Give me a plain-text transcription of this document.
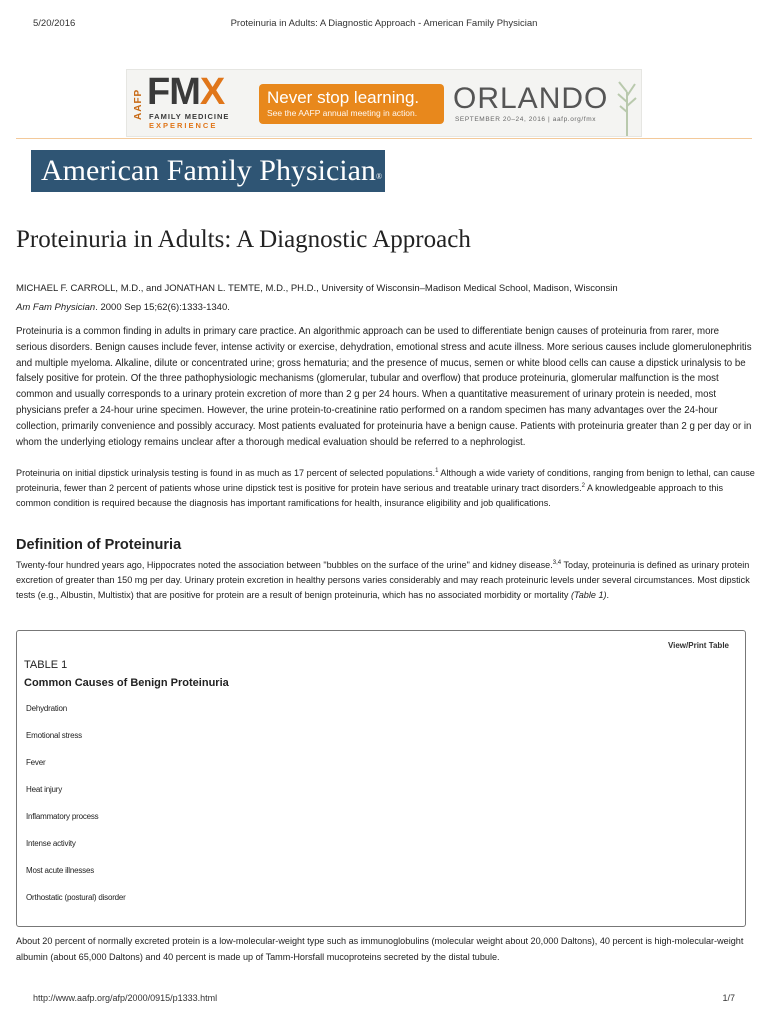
5/20/2016	Proteinuria in Adults: A Diagnostic Approach - American Family Physician
AAFP FMX
FAMILY MEDICINE
EXPERIENCE
Never stop learning.
See the AAFP annual meeting in action.	ORLANDO
SEPTEMBER 20–24, 2016 | aafp.org/fmx
American Family Physician®
Proteinuria in Adults: A Diagnostic Approach
MICHAEL F. CARROLL, M.D., and JONATHAN L. TEMTE, M.D., PH.D., University of Wisconsin–Madison Medical School, Madison, Wisconsin
Am Fam Physician. 2000 Sep 15;62(6):1333-1340.

Proteinuria is a common finding in adults in primary care practice. An algorithmic approach can be used to differentiate benign causes of proteinuria from rarer, more serious disorders. Benign causes include fever, intense activity or exercise, dehydration, emotional stress and acute illness. More serious causes include glomerulonephritis and multiple myeloma. Alkaline, dilute or concentrated urine; gross hematuria; and the presence of mucus, semen or white blood cells can cause a dipstick urinalysis to be falsely positive for protein. Of the three pathophysiologic mechanisms (glomerular, tubular and overflow) that produce proteinuria, glomerular malfunction is the most common and usually corresponds to a urinary protein excretion of more than 2 g per 24 hours. When a quantitative measurement of urinary protein is needed, most physicians prefer a 24-hour urine specimen. However, the urine protein-to-creatinine ratio performed on a random specimen has many advantages over the 24-hour collection, primarily convenience and possibly accuracy. Most patients evaluated for proteinuria have a benign cause. Patients with proteinuria greater than 2 g per day or in whom the underlying etiology remains unclear after a thorough medical evaluation should be referred to a nephrologist.

Proteinuria on initial dipstick urinalysis testing is found in as much as 17 percent of selected populations.$^1$ Although a wide variety of conditions, ranging from benign to lethal, can cause proteinuria, fewer than 2 percent of patients whose urine dipstick test is positive for protein have serious and treatable urinary tract disorders.$^2$ A knowledgeable approach to this common condition is required because the diagnosis has important ramifications for health, insurance eligibility and job qualifications.

Definition of Proteinuria

Twenty-four hundred years ago, Hippocrates noted the association between "bubbles on the surface of the urine" and kidney disease.$^{3,4}$ Today, proteinuria is defined as urinary protein excretion of greater than 150 mg per day. Urinary protein excretion in healthy persons varies considerably and may reach proteinuric levels under several circumstances. Most dipstick tests (e.g., Albustin, Multistix) that are positive for protein are a result of benign proteinuria, which has no associated morbidity or mortality (Table 1).

View/Print Table
TABLE 1
Common Causes of Benign Proteinuria
Dehydration
Emotional stress
Fever
Heat injury
Inflammatory process
Intense activity
Most acute illnesses
Orthostatic (postural) disorder

About 20 percent of normally excreted protein is a low-molecular-weight type such as immunoglobulins (molecular weight about 20,000 Daltons), 40 percent is high-molecular-weight albumin (about 65,000 Daltons) and 40 percent is made up of Tamm-Horsfall mucoproteins secreted by the distal tubule.

http://www.aafp.org/afp/2000/0915/p1333.html	1/7
